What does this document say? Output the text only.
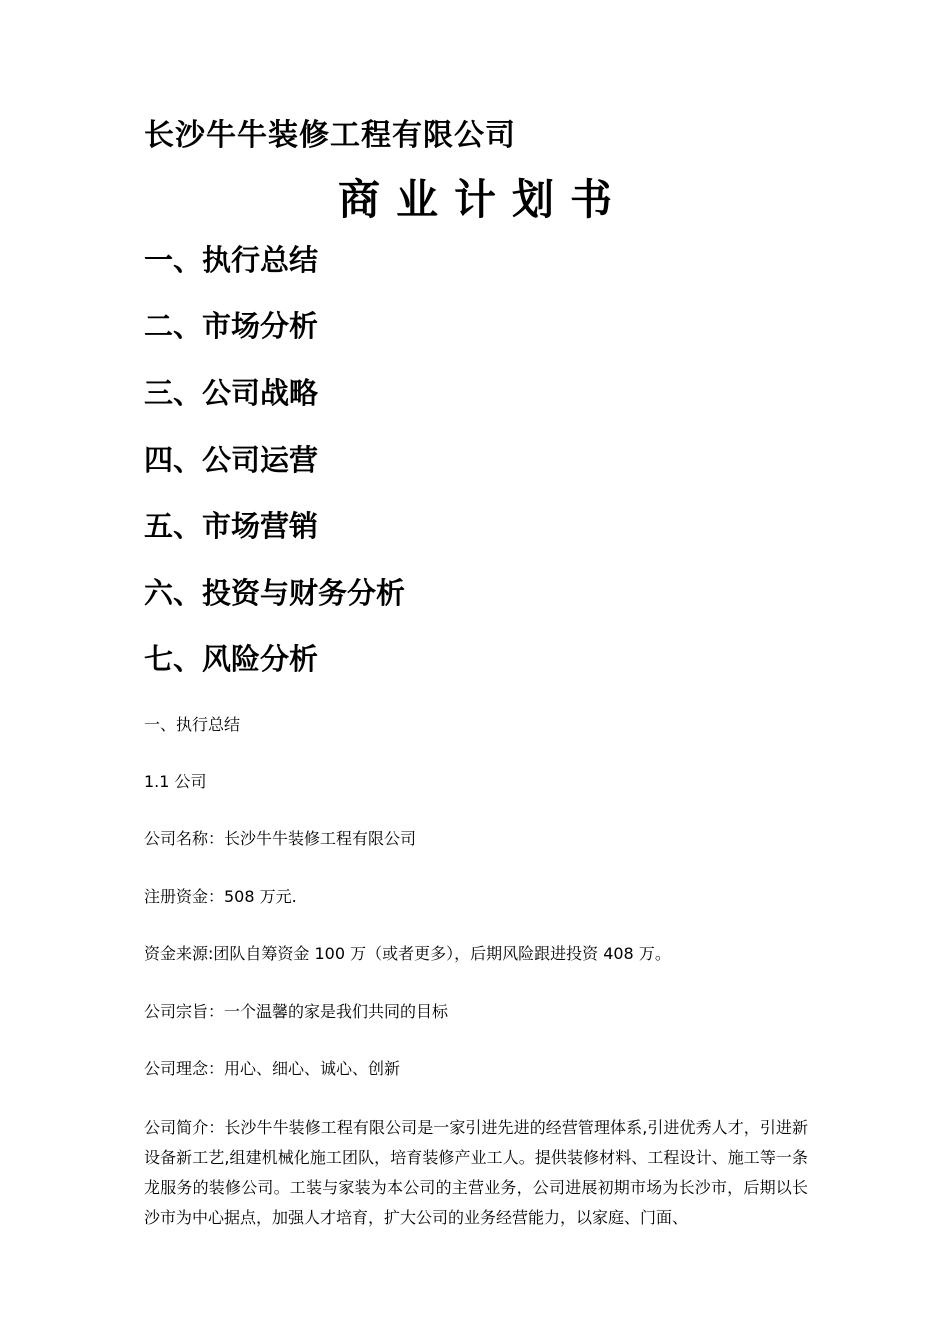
长沙牛牛装修工程有限公司
商业计划书
一、执行总结
二、市场分析
三、公司战略
四、公司运营
五、市场营销
六、投资与财务分析
七、风险分析
一、执行总结
1.1 公司
公司名称：长沙牛牛装修工程有限公司
注册资金：508 万元.
资金来源:团队自筹资金 100 万（或者更多），后期风险跟进投资 408 万。
公司宗旨：一个温馨的家是我们共同的目标
公司理念：用心、细心、诚心、创新
公司简介：长沙牛牛装修工程有限公司是一家引进先进的经营管理体系,引进优秀人才，引进新设备新工艺,组建机械化施工团队，培育装修产业工人。提供装修材料、工程设计、施工等一条龙服务的装修公司。工装与家装为本公司的主营业务，公司进展初期市场为长沙市，后期以长沙市为中心据点，加强人才培育，扩大公司的业务经营能力，以家庭、门面、
